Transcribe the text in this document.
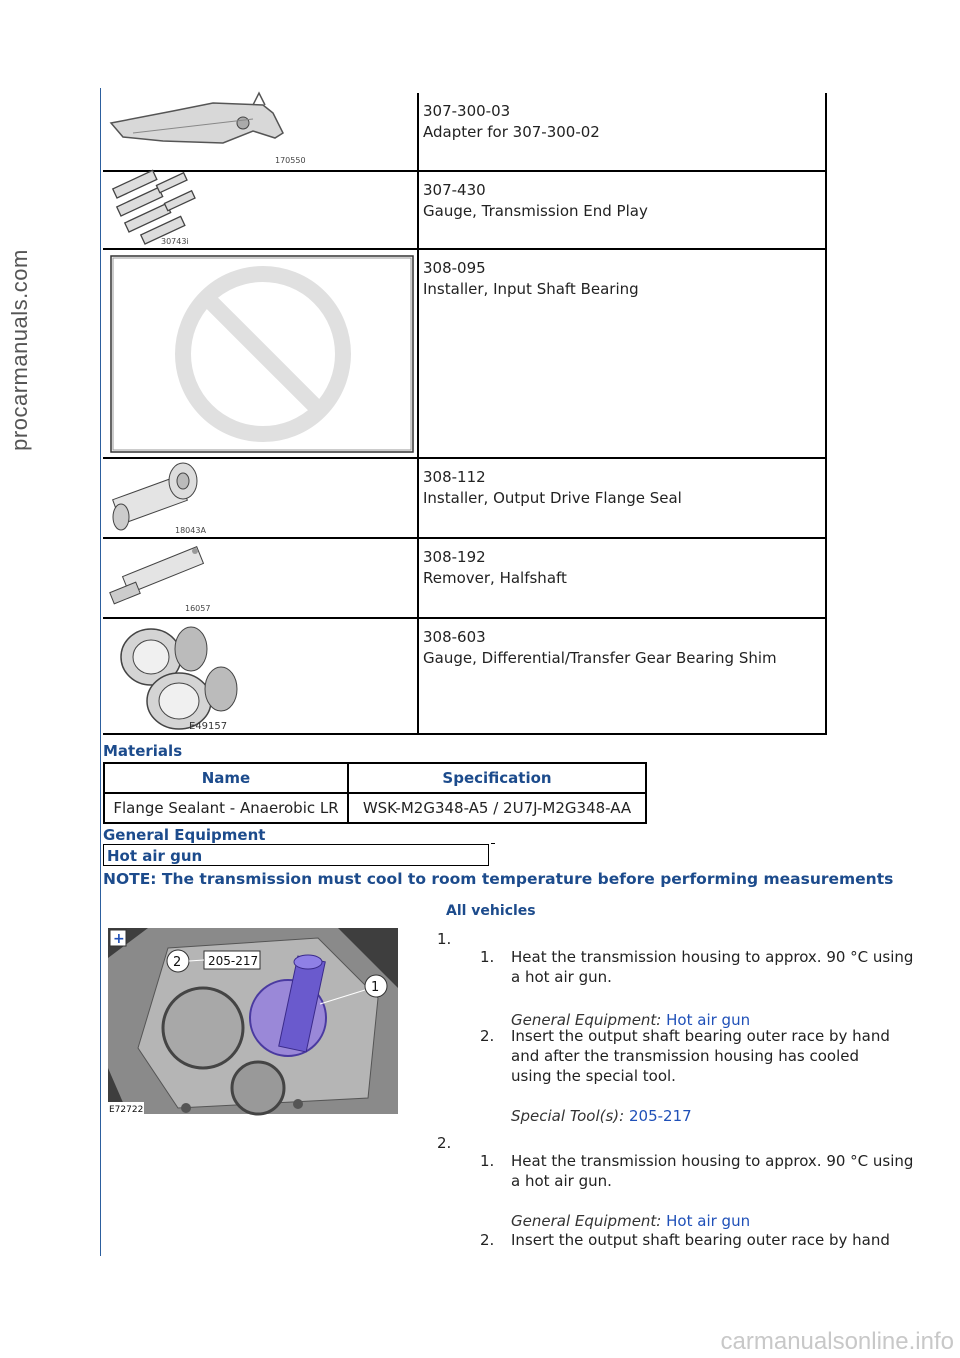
procarmanuals.com
carmanualsonline.info
170550	307-300-03
Adapter for 307-300-02

30743i	307-430
Gauge, Transmission End Play

308-095
Installer, Input Shaft Bearing

18043A	308-112
Installer, Output Drive Flange Seal

16057	308-192
Remover, Halfshaft

E49157	308-603
Gauge, Differential/Transfer Gear Bearing Shim
Materials
Name	Specification
Flange Sealant - Anaerobic LR	WSK-M2G348-A5 / 2U7J-M2G348-AA
General Equipment
Hot air gun
NOTE: The transmission must cool to room temperature before performing measurements
All vehicles
+
2 205-217
1
E72722
1.
1. Heat the transmission housing to approx. 90 °C using
a hot air gun.
General Equipment: Hot air gun
2. Insert the output shaft bearing outer race by hand
and after the transmission housing has cooled
using the special tool.
Special Tool(s): 205-217
2.
1. Heat the transmission housing to approx. 90 °C using
a hot air gun.
General Equipment: Hot air gun
2. Insert the output shaft bearing outer race by hand
